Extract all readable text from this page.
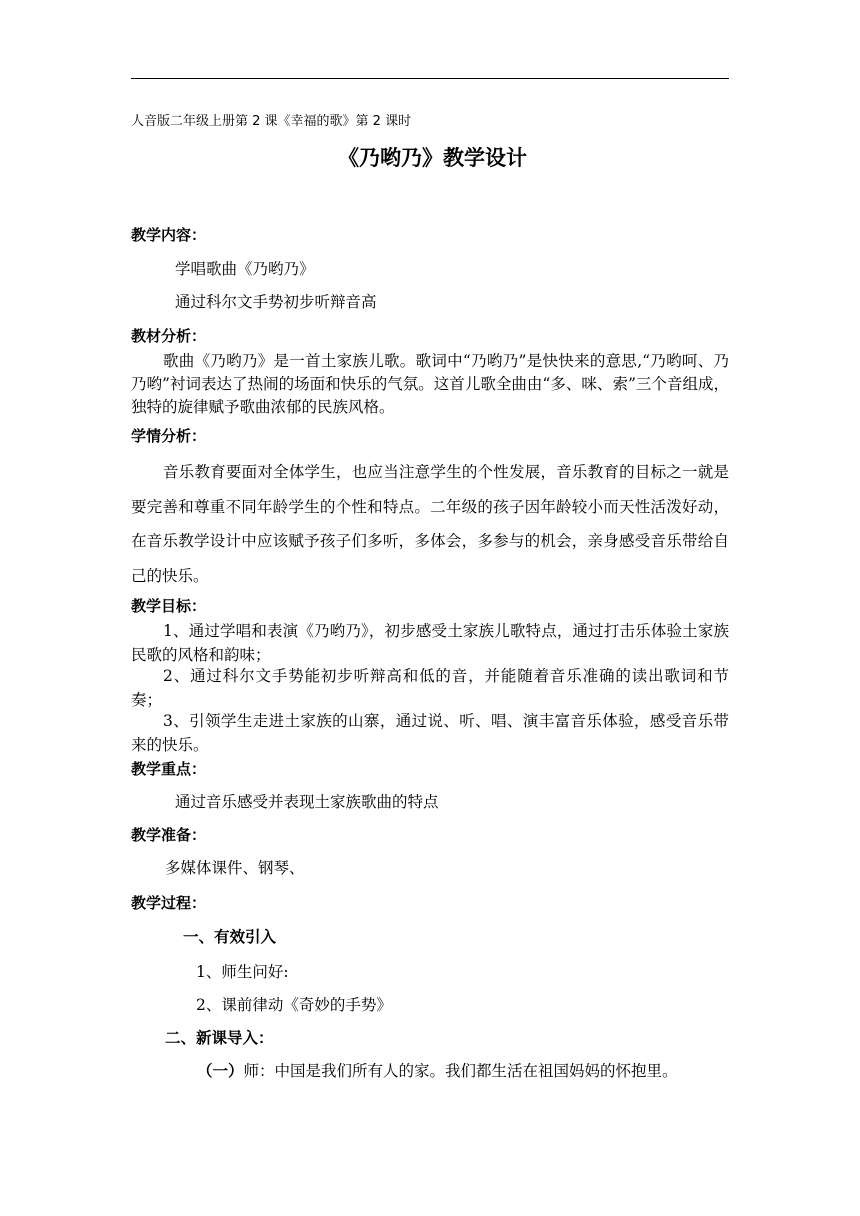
人音版二年级上册第 2 课《幸福的歌》第 2 课时
《乃哟乃》教学设计
教学内容：
学唱歌曲《乃哟乃》
通过科尔文手势初步听辩音高
教材分析：
歌曲《乃哟乃》是一首土家族儿歌。歌词中“乃哟乃”是快快来的意思,“乃哟呵、乃乃哟”衬词表达了热闹的场面和快乐的气氛。这首儿歌全曲由“多、咪、索”三个音组成，独特的旋律赋予歌曲浓郁的民族风格。
学情分析：
音乐教育要面对全体学生，也应当注意学生的个性发展，音乐教育的目标之一就是要完善和尊重不同年龄学生的个性和特点。二年级的孩子因年龄较小而天性活泼好动，在音乐教学设计中应该赋予孩子们多听，多体会，多参与的机会，亲身感受音乐带给自己的快乐。
教学目标：
1、通过学唱和表演《乃哟乃》，初步感受土家族儿歌特点，通过打击乐体验土家族民歌的风格和韵味；
2、通过科尔文手势能初步听辩高和低的音，并能随着音乐准确的读出歌词和节奏；
3、引领学生走进土家族的山寨，通过说、听、唱、演丰富音乐体验，感受音乐带来的快乐。
教学重点：
通过音乐感受并表现土家族歌曲的特点
教学准备：
多媒体课件、钢琴、
教学过程：
一、有效引入
1、师生问好:
2、课前律动《奇妙的手势》
二、新课导入：
（一）师：中国是我们所有人的家。我们都生活在祖国妈妈的怀抱里。
